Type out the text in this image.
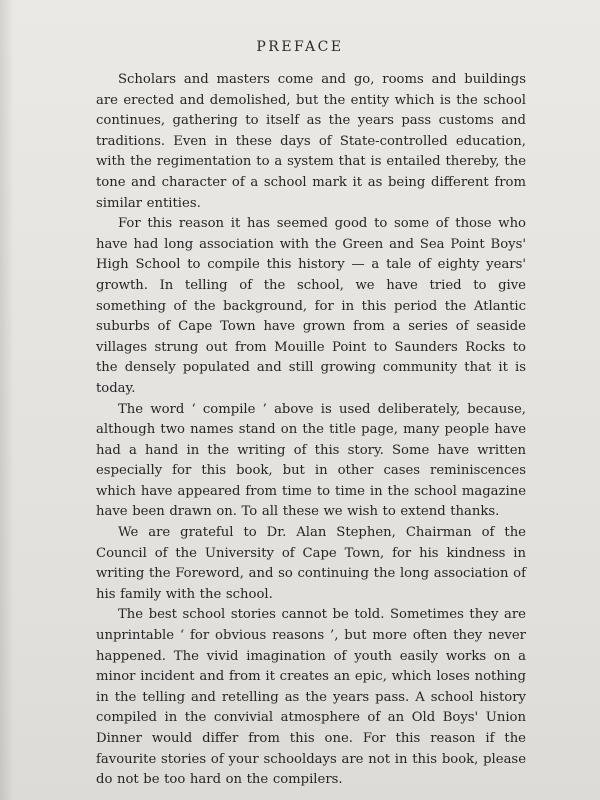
PREFACE

Scholars and masters come and go, rooms and buildings are erected and demolished, but the entity which is the school continues, gathering to itself as the years pass customs and traditions. Even in these days of State-controlled education, with the regimentation to a system that is entailed thereby, the tone and character of a school mark it as being different from similar entities.

For this reason it has seemed good to some of those who have had long association with the Green and Sea Point Boys' High School to compile this history — a tale of eighty years' growth. In telling of the school, we have tried to give something of the background, for in this period the Atlantic suburbs of Cape Town have grown from a series of seaside villages strung out from Mouille Point to Saunders Rocks to the densely populated and still growing community that it is today.

The word ‘ compile ’ above is used deliberately, because, although two names stand on the title page, many people have had a hand in the writing of this story. Some have written especially for this book, but in other cases reminiscences which have appeared from time to time in the school magazine have been drawn on. To all these we wish to extend thanks.

We are grateful to Dr. Alan Stephen, Chairman of the Council of the University of Cape Town, for his kindness in writing the Foreword, and so continuing the long association of his family with the school.

The best school stories cannot be told. Sometimes they are unprintable ‘ for obvious reasons ’, but more often they never happened. The vivid imagination of youth easily works on a minor incident and from it creates an epic, which loses nothing in the telling and retelling as the years pass. A school history compiled in the convivial atmosphere of an Old Boys' Union Dinner would differ from this one. For this reason if the favourite stories of your schooldays are not in this book, please do not be too hard on the compilers.
